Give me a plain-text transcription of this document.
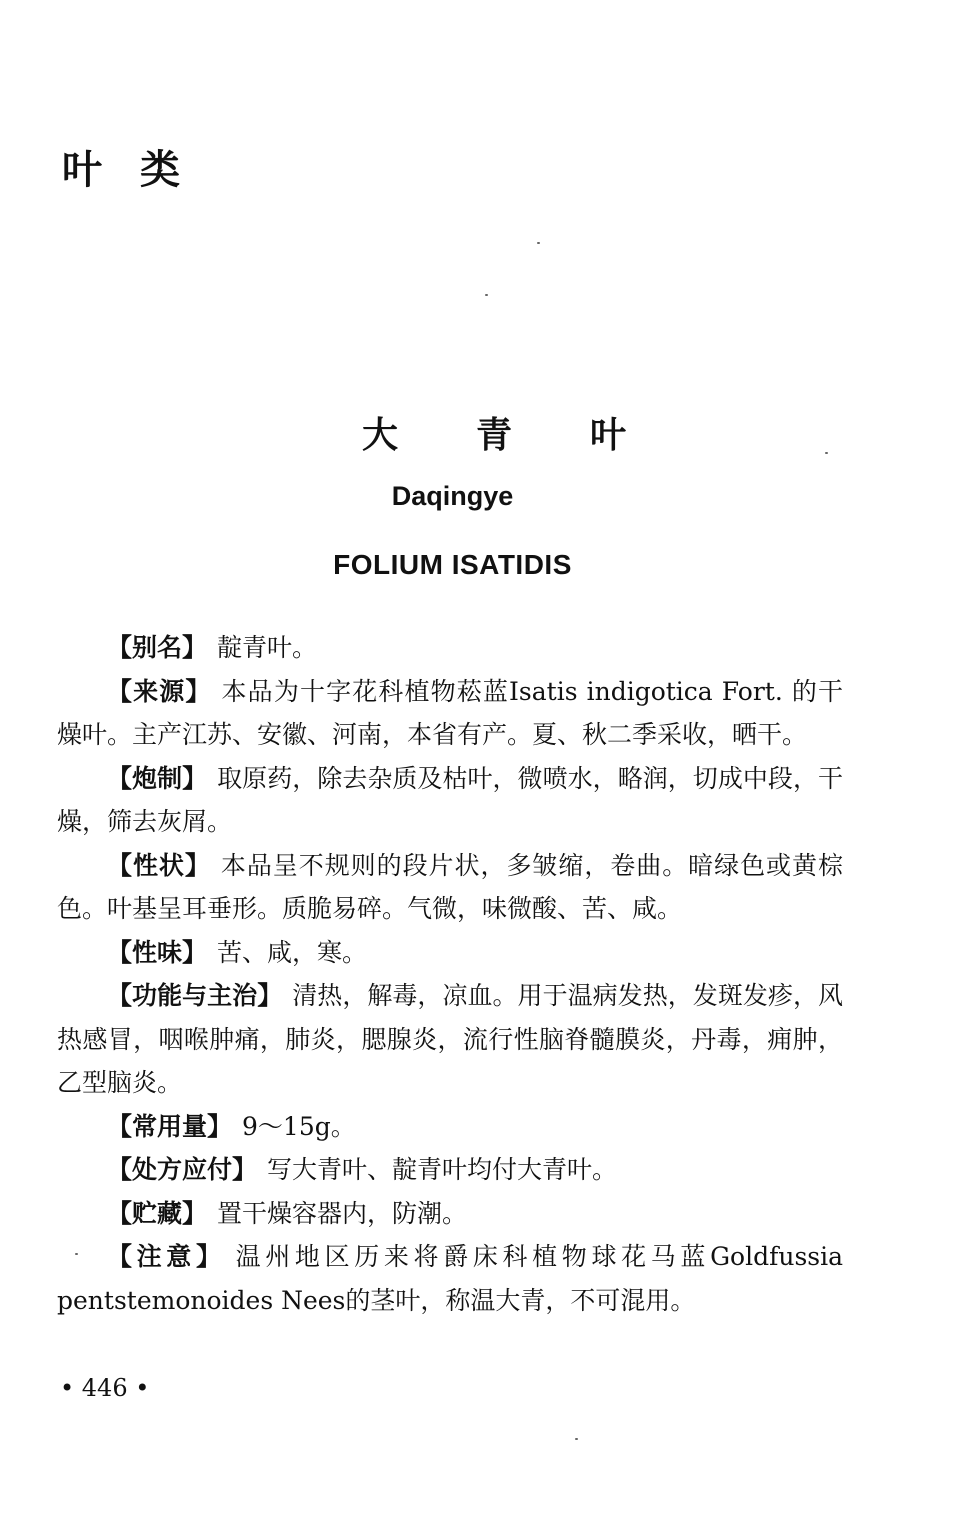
叶类
大青叶
Daqingye
FOLIUM ISATIDIS

【别名】 靛青叶。

【来源】 本品为十字花科植物菘蓝Isatis indigotica Fort. 的干燥叶。主产江苏、安徽、河南，本省有产。夏、秋二季采收，晒干。

【炮制】 取原药，除去杂质及枯叶，微喷水，略润，切成中段，干燥，筛去灰屑。

【性状】 本品呈不规则的段片状，多皱缩，卷曲。暗绿色或黄棕色。叶基呈耳垂形。质脆易碎。气微，味微酸、苦、咸。

【性味】 苦、咸，寒。

【功能与主治】 清热，解毒，凉血。用于温病发热，发斑发疹，风热感冒，咽喉肿痛，肺炎，腮腺炎，流行性脑脊髓膜炎，丹毒，痈肿，乙型脑炎。

【常用量】 9～15g。

【处方应付】 写大青叶、靛青叶均付大青叶。

【贮藏】 置干燥容器内，防潮。

【注意】 温州地区历来将爵床科植物球花马蓝Goldfussia pentstemonoides Nees的茎叶，称温大青，不可混用。

• 446 •
